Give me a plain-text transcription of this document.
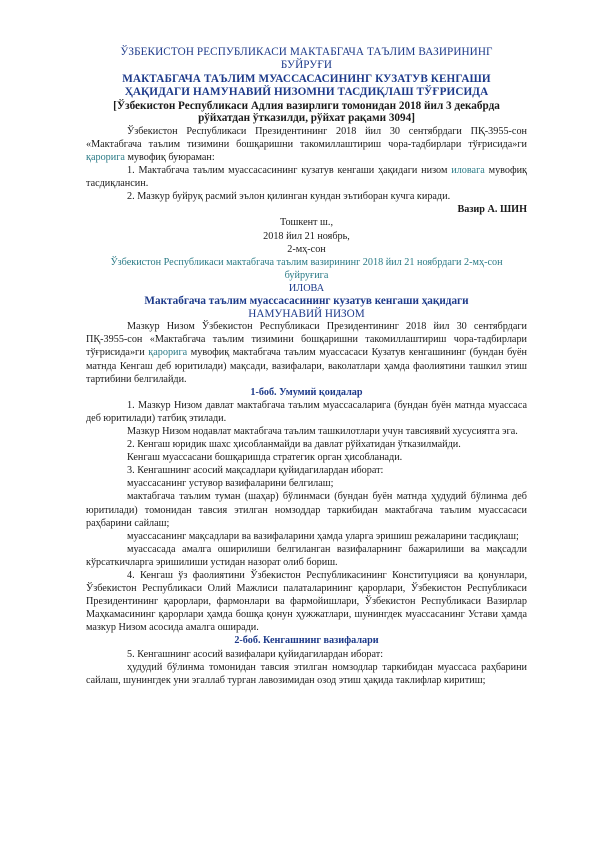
ЎЗБЕКИСТОН РЕСПУБЛИКАСИ МАКТАБГАЧА ТАЪЛИМ ВАЗИРИНИНГ
БУЙРУҒИ
МАКТАБГАЧА ТАЪЛИМ МУАССАСАСИНИНГ КУЗАТУВ КЕНГАШИ
ҲАҚИДАГИ НАМУНАВИЙ НИЗОМНИ ТАСДИҚЛАШ ТЎҒРИСИДА
[Ўзбекистон Республикаси Адлия вазирлиги томонидан 2018 йил 3 декабрда
рўйхатдан ўтказилди, рўйхат рақами 3094]

Ўзбекистон Республикаси Президентининг 2018 йил 30 сентябрдаги ПҚ-3955-сон «Мактабгача таълим тизимини бошқаришни такомиллаштириш чора-тадбирлари тўғрисида»ги қарорига мувофиқ буюраман:

1. Мактабгача таълим муассасасининг кузатув кенгаши ҳақидаги низом иловага мувофиқ тасдиқлансин.

2. Мазкур буйруқ расмий эълон қилинган кундан эътиборан кучга киради.

Вазир А. ШИН
Тошкент ш.,
2018 йил 21 ноябрь,
2-мҳ-сон
Ўзбекистон Республикаси мактабгача таълим вазирининг 2018 йил 21 ноябрдаги 2-мҳ-сон
буйруғига
ИЛОВА
Мактабгача таълим муассасасининг кузатув кенгаши ҳақидаги
НАМУНАВИЙ НИЗОМ

Мазкур Низом Ўзбекистон Республикаси Президентининг 2018 йил 30 сентябрдаги ПҚ-3955-сон «Мактабгача таълим тизимини бошқаришни такомиллаштириш чора-тадбирлари тўғрисида»ги қарорига мувофиқ мактабгача таълим муассасаси Кузатув кенгашининг (бундан буён матнда Кенгаш деб юритилади) мақсади, вазифалари, ваколатлари ҳамда фаолиятини ташкил этиш тартибини белгилайди.

1-боб. Умумий қоидалар

1. Мазкур Низом давлат мактабгача таълим муассасаларига (бундан буён матнда муассаса деб юритилади) татбиқ этилади.

Мазкур Низом нодавлат мактабгача таълим ташкилотлари учун тавсиявий хусусиятга эга.

2. Кенгаш юридик шахс ҳисобланмайди ва давлат рўйхатидан ўтказилмайди.

Кенгаш муассасани бошқаришда стратегик орган ҳисобланади.

3. Кенгашнинг асосий мақсадлари қуйидагилардан иборат:

муассасанинг устувор вазифаларини белгилаш;

мактабгача таълим туман (шаҳар) бўлинмаси (бундан буён матнда ҳудудий бўлинма деб юритилади) томонидан тавсия этилган номзоддар таркибидан мактабгача таълим муассасаси раҳбарини сайлаш;

муассасанинг мақсадлари ва вазифаларини ҳамда уларга эришиш режаларини тасдиқлаш;

муассасада амалга оширилиши белгиланган вазифаларнинг бажарилиши ва мақсадли кўрсаткичларга эришилиши устидан назорат олиб бориш.

4. Кенгаш ўз фаолиятини Ўзбекистон Республикасининг Конституцияси ва қонунлари, Ўзбекистон Республикаси Олий Мажлиси палаталарининг қарорлари, Ўзбекистон Республикаси Президентининг қарорлари, фармонлари ва фармойишлари, Ўзбекистон Республикаси Вазирлар Маҳкамасининг қарорлари ҳамда бошқа қонун ҳужжатлари, шунингдек муассасанинг Устави ҳамда мазкур Низом асосида амалга оширади.

2-боб. Кенгашнинг вазифалари

5. Кенгашнинг асосий вазифалари қуйидагилардан иборат:

ҳудудий бўлинма томонидан тавсия этилган номзодлар таркибидан муассаса раҳбарини сайлаш, шунингдек уни эгаллаб турган лавозимидан озод этиш ҳақида таклифлар киритиш;
